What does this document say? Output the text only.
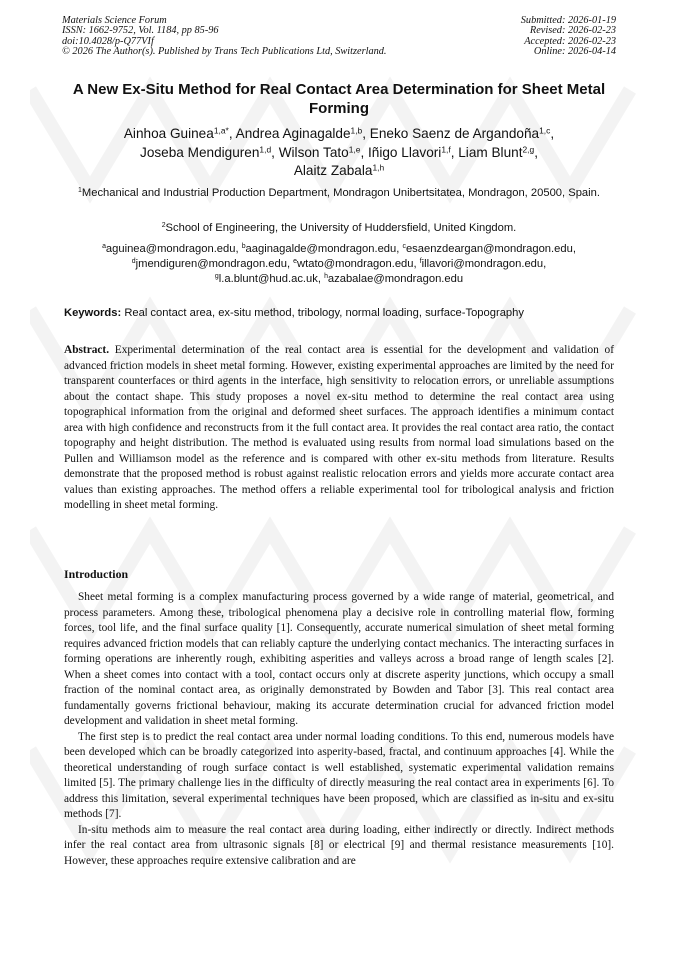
Materials Science Forum
ISSN: 1662-9752, Vol. 1184, pp 85-96
doi:10.4028/p-Q77VIf
© 2026 The Author(s). Published by Trans Tech Publications Ltd, Switzerland.
Submitted: 2026-01-19
Revised: 2026-02-23
Accepted: 2026-02-23
Online: 2026-04-14
A New Ex-Situ Method for Real Contact Area Determination for Sheet Metal Forming
Ainhoa Guinea$^{1,a*}$, Andrea Aginagalde$^{1,b}$, Eneko Saenz de Argandoña$^{1,c}$,
Joseba Mendiguren$^{1,d}$, Wilson Tato$^{1,e}$, Iñigo Llavori$^{1,f}$, Liam Blunt$^{2,g}$,
Alaitz Zabala$^{1,h}$
$^1$Mechanical and Industrial Production Department, Mondragon Unibertsitatea, Mondragon, 20500, Spain.
$^2$School of Engineering, the University of Huddersfield, United Kingdom.
$^a$aguinea@mondragon.edu, $^b$aaginagalde@mondragon.edu, $^c$esaenzdeargan@mondragon.edu,
$^d$jmendiguren@mondragon.edu, $^e$wtato@mondragon.edu, $^f$illavori@mondragon.edu,
$^g$l.a.blunt@hud.ac.uk, $^h$azabalae@mondragon.edu
Keywords: Real contact area, ex-situ method, tribology, normal loading, surface-Topography

Abstract. Experimental determination of the real contact area is essential for the development and validation of advanced friction models in sheet metal forming. However, existing experimental approaches are limited by the need for transparent counterfaces or third agents in the interface, high sensitivity to relocation errors, or unreliable assumptions about the contact shape. This study proposes a novel ex-situ method to determine the real contact area using topographical information from the original and deformed sheet surfaces. The approach identifies a minimum contact area with high confidence and reconstructs from it the full contact area. It provides the real contact area ratio, the contact topography and height distribution. The method is evaluated using results from normal load simulations based on the Pullen and Williamson model as the reference and is compared with other ex-situ methods from literature. Results demonstrate that the proposed method is robust against realistic relocation errors and yields more accurate contact area values than existing approaches. The method offers a reliable experimental tool for tribological analysis and friction modelling in sheet metal forming.

Introduction

Sheet metal forming is a complex manufacturing process governed by a wide range of material, geometrical, and process parameters. Among these, tribological phenomena play a decisive role in controlling material flow, forming forces, tool life, and the final surface quality [1]. Consequently, accurate numerical simulation of sheet metal forming requires advanced friction models that can reliably capture the underlying contact mechanics. The interacting surfaces in forming operations are inherently rough, exhibiting asperities and valleys across a broad range of length scales [2]. When a sheet comes into contact with a tool, contact occurs only at discrete asperity junctions, which occupy a small fraction of the nominal contact area, as originally demonstrated by Bowden and Tabor [3]. This real contact area fundamentally governs frictional behaviour, making its accurate determination crucial for advanced friction model development and validation in sheet metal forming.

The first step is to predict the real contact area under normal loading conditions. To this end, numerous models have been developed which can be broadly categorized into asperity-based, fractal, and continuum approaches [4]. While the theoretical understanding of rough surface contact is well established, systematic experimental validation remains limited [5]. The primary challenge lies in the difficulty of directly measuring the real contact area in experiments [6]. To address this limitation, several experimental techniques have been proposed, which are classified as in-situ and ex-situ methods [7].

In-situ methods aim to measure the real contact area during loading, either indirectly or directly. Indirect methods infer the real contact area from ultrasonic signals [8] or electrical [9] and thermal resistance measurements [10]. However, these approaches require extensive calibration and are
